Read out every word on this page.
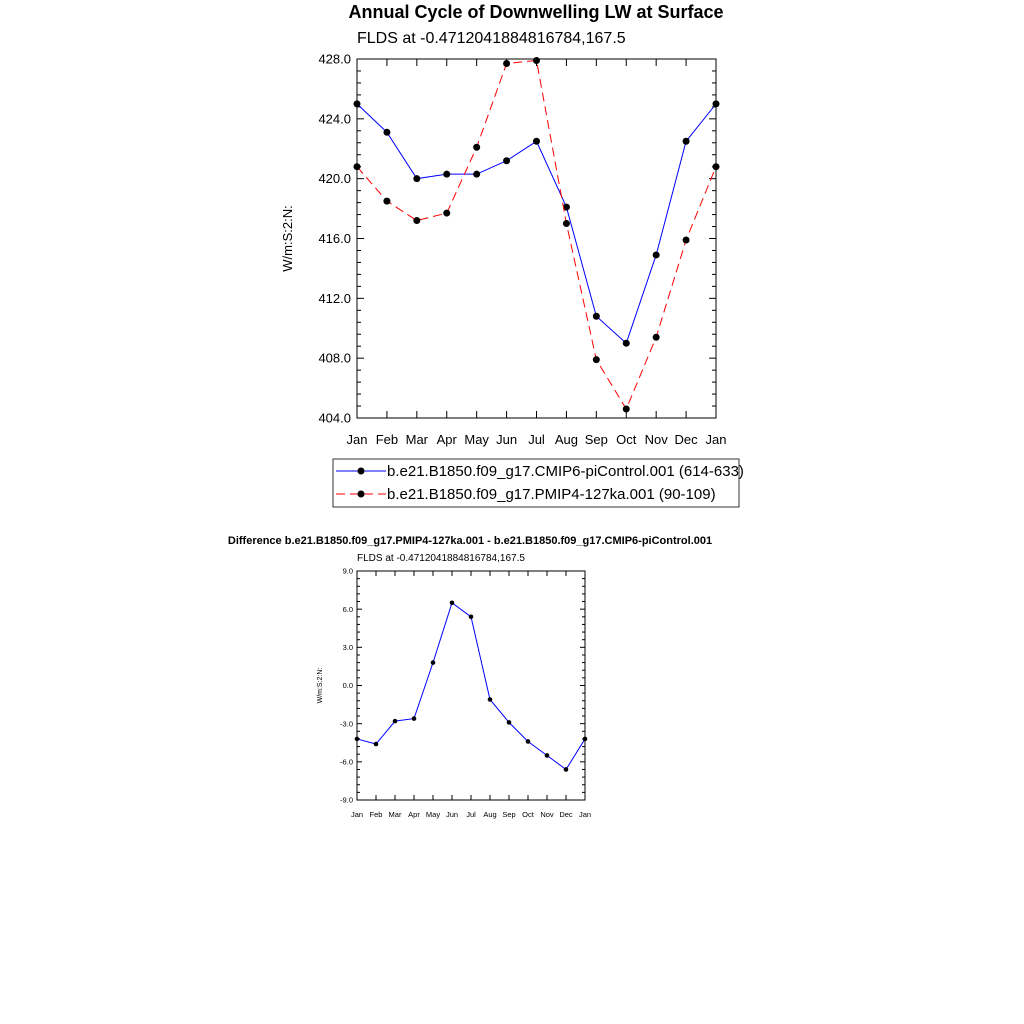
Annual Cycle of Downwelling LW at Surface
FLDS at -0.4712041884816784,167.5
Difference b.e21.B1850.f09_g17.PMIP4-127ka.001 - b.e21.B1850.f09_g17.CMIP6-piControl.001
FLDS at -0.4712041884816784,167.5
Jan Feb Mar Apr May Jun Jul Aug Sep Oct Nov Dec Jan
404.0
408.0
412.0
416.0
420.0
424.0
428.0
W/m:S:2:N:
Jan Feb Mar Apr May Jun Jul Aug Sep Oct Nov Dec Jan
-9.0
-6.0
-3.0
0.0
3.0
6.0
9.0
W/m:S:2:N:
b.e21.B1850.f09_g17.CMIP6-piControl.001 (614-633)
b.e21.B1850.f09_g17.PMIP4-127ka.001 (90-109)
